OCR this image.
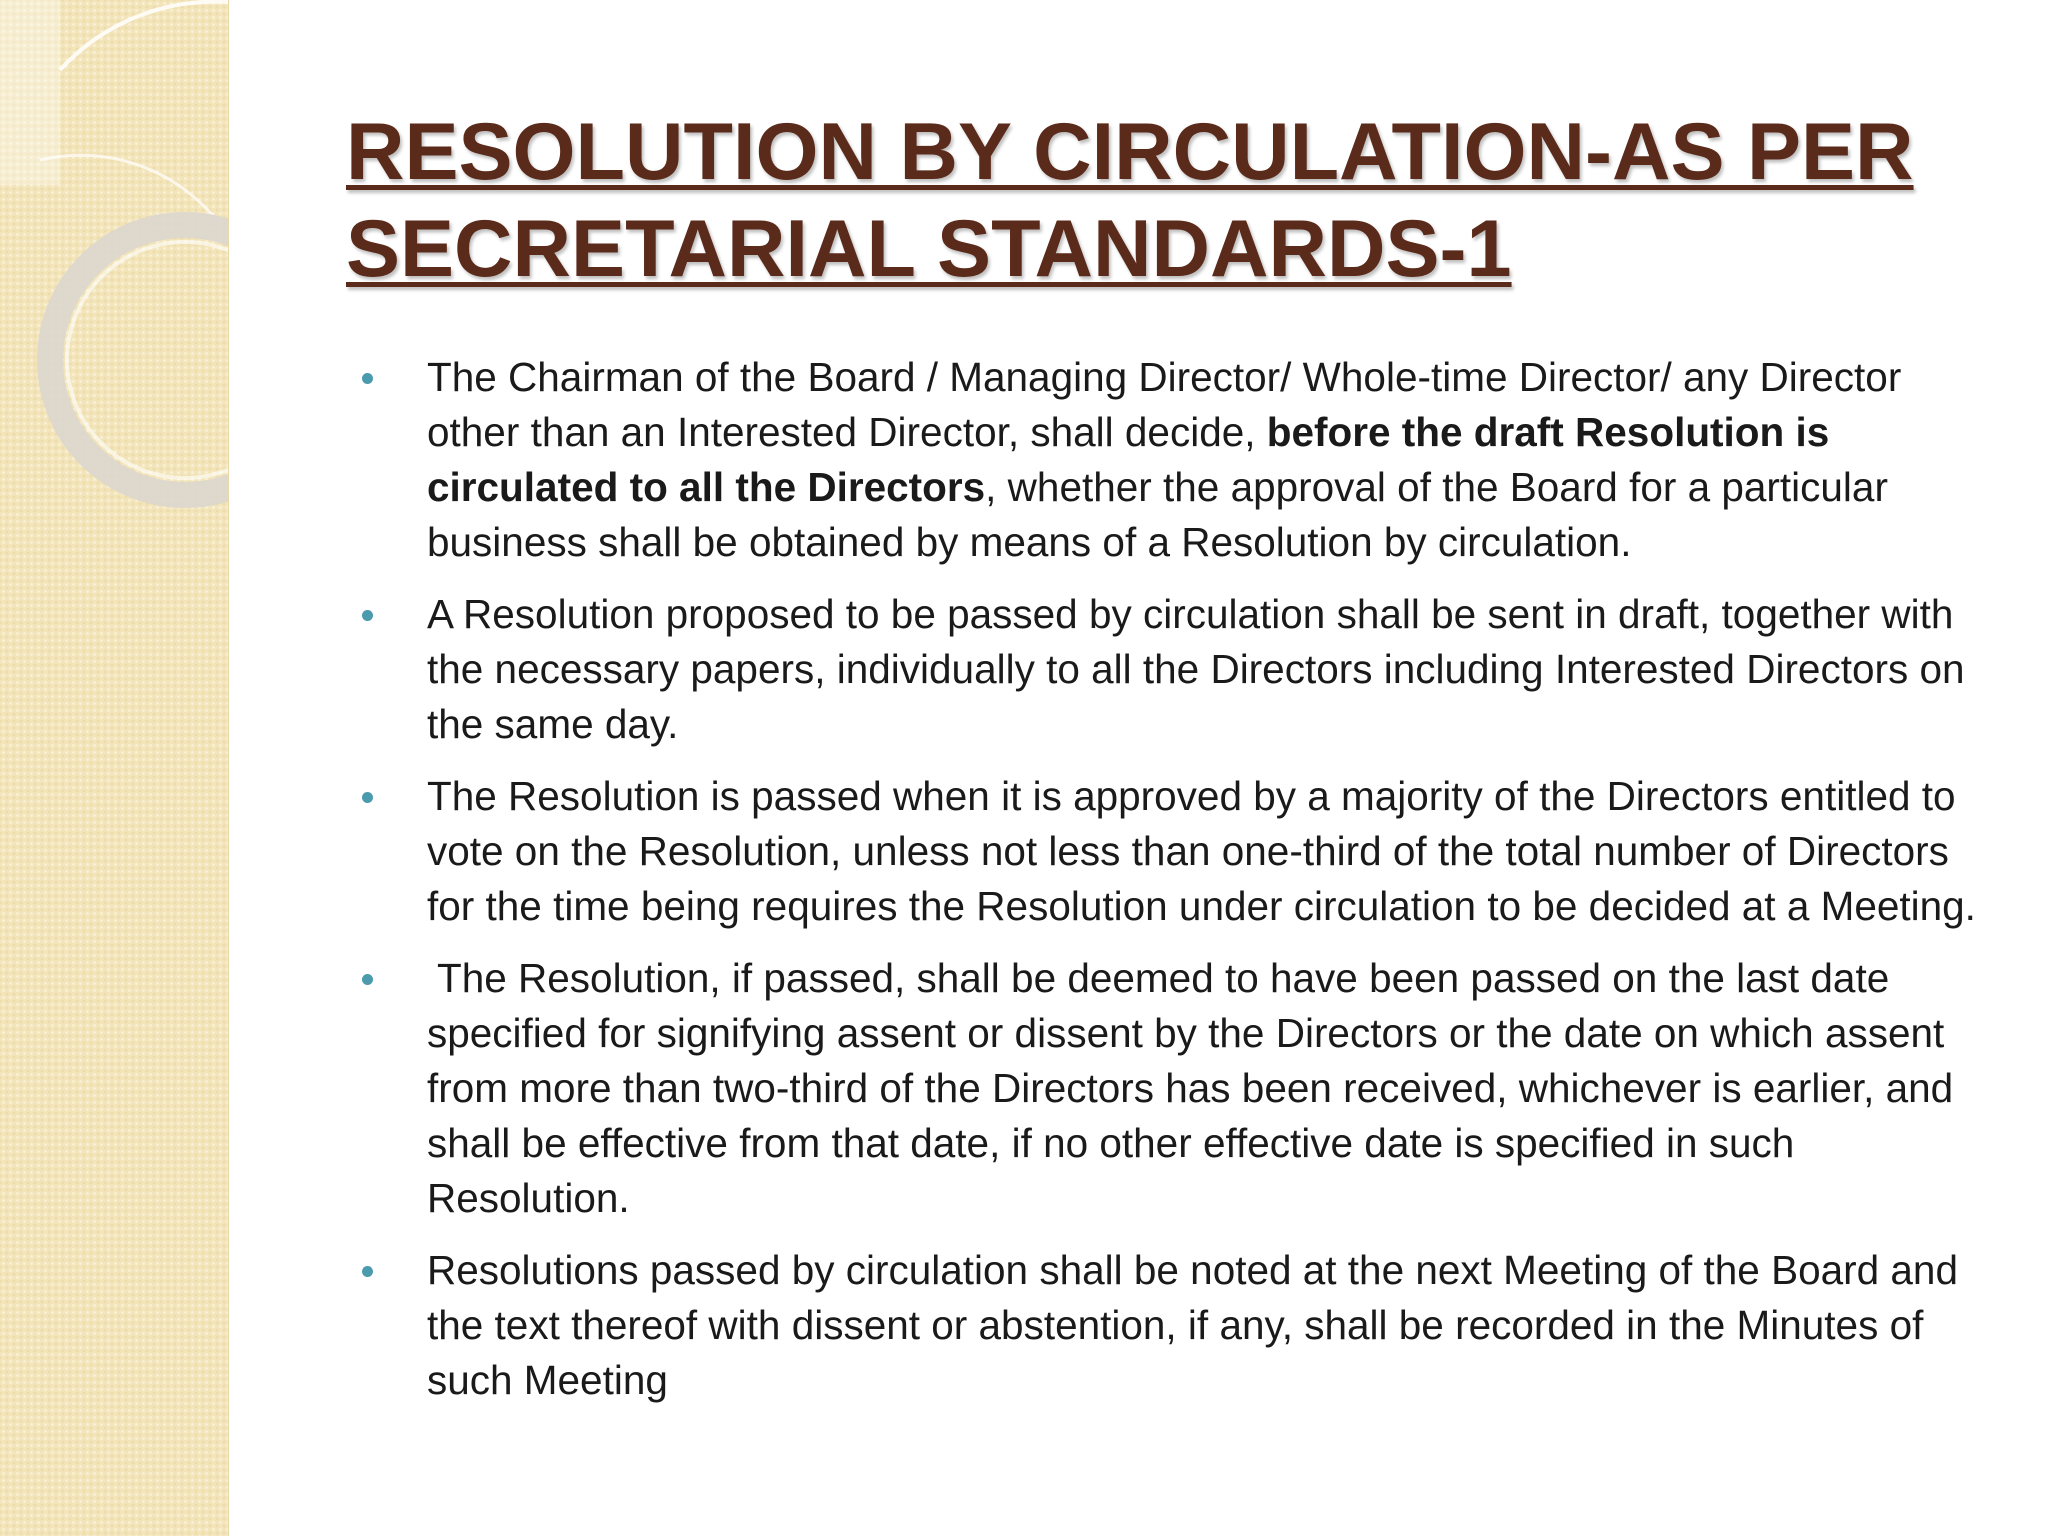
RESOLUTION BY CIRCULATION-AS PER
SECRETARIAL STANDARDS-1
The Chairman of the Board / Managing Director/ Whole-time Director/ any Director other than an Interested Director, shall decide, before the draft Resolution is circulated to all the Directors, whether the approval of the Board for a particular business shall be obtained by means of a Resolution by circulation.
A Resolution proposed to be passed by circulation shall be sent in draft, together with the necessary papers, individually to all the Directors including Interested Directors on the same day.
The Resolution is passed when it is approved by a majority of the Directors entitled to vote on the Resolution, unless not less than one-third of the total number of Directors for the time being requires the Resolution under circulation to be decided at a Meeting.
The Resolution, if passed, shall be deemed to have been passed on the last date specified for signifying assent or dissent by the Directors or the date on which assent from more than two-third of the Directors has been received, whichever is earlier, and shall be effective from that date, if no other effective date is specified in such Resolution.
Resolutions passed by circulation shall be noted at the next Meeting of the Board and the text thereof with dissent or abstention, if any, shall be recorded in the Minutes of such Meeting
